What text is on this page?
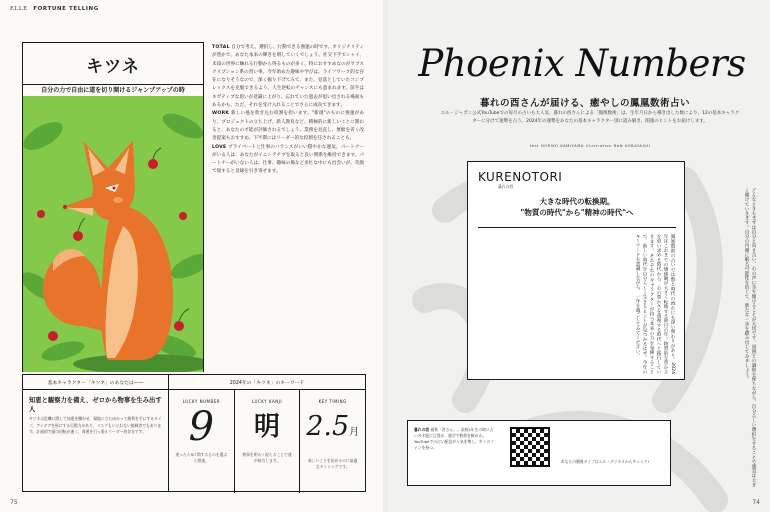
ELLE FORTUNE TELLING
キツネ
自分の力で自由に道を切り開けるジャンプアップの時

TOTAL 自分で考え、選択し、行動できる強運の時です。オリジナリティが豊かで、あなた本来の輝きを増していくでしょう。社交下手でシャイ、未知の世界に触れる行動から得るものが多く、特におすすめなのがサブスクリプション系の習い事。今年始めた趣味や学びは、ライフワーク的な存在になりそうなので、深く掘り下げてみて。また、見落としていたコンプレックスを克服できるよう、人生逆転のチャンスにも恵まれます。前半はネガティブな思いが意識に上がり、忘れていた過去が思い出される場面もあるかも。ただ、それを受け入れることでさらに成長できます。

WORK 新しい風を吹き込む役割を担います。"新規"のものに強運があり、プロジェクトの立ち上げ、新人教育など、積極的に新しいことに関わると、あなたの才能が評価されるでしょう。業務を見直し、無駄を省く改善提案もおすすめ。下半期にはリーダー的な役割を任されることも。

LOVE プライベートと仕事のバランスがいい穏やかな運気。パートナーがいる人は、あなたがイニシアチブを取ると良い関係を維持できます。パートナーがいない人は、仕事、趣味の場など多忙な中にも出会いが。笑顔で接すると良縁を引き寄せます。

基本キャラクター「キツネ」のあなたは——
知恵と観察力を備え、ゼロから物事を生み出す人
キツネは危機に際して知恵を働かせ、窮地に立ち向かって勝利を手にするタイプ。アイデアを形にする行動力があり、リスクもいとわない挑戦者でもあります。計画的で頭の回転が速く、周囲を引っ張るリーダー的存在です。
2024年の「キツネ」のキーワード
LUCKY NUMBER
9
迷ったら9に関するものを選ぶと開運。
LUCKY KANJI
明
物事を明るく捉えることで運が味方します。
KEY TIMING
2.5月
新しいことを始めるのに最適なタイミングです。
75
Phoenix Numbers
暮れの酉さんが届ける、癒やしの鳳凰数術占い
エル・ジャポン公式YouTubeでの毎月の占いも大人気、暮れの酉さんによる「鳳凰数術」は、生年月日から導き出した数により、12の基本キャラクターに分けて運勢を占う。2024年の運勢をあなたの基本キャラクター別に読み解き、開運のヒントをお届けします。
text NORIKO KAMIYAMA illustration RAN KOBAYASHI
KURENOTORI
暮れの酉
大きな時代の転換期。
"物質の時代"から"精神の時代"へ
鳳凰数術の占いでは数と時代の流れにも深い関わりがあり、2024年はこれまでの価値観が大きく転換する節目の年。物質的な豊かさを追い求める時代から、心の豊かさを重視する時代へと移行していきます。それぞれのキャラクターが持つ本来の力を発揮することで、新しい時代を自分らしく生きるヒントが見つかるはず。今年のキーワードを意識しながら、一年を過ごしてみてください。	どんなときもまずは自分と向き合い、心の声に耳を傾けることが大切です。周囲との調和を保ちながら、自分らしい選択をすることで運気は大きく開けていきます。自分の内側に眠る可能性を信じて、新たな一歩を踏み出してみましょう。
暮れの酉 通称「酉さん」。高校2年生の時に占いの才能に目覚め、独学で数術を極める。YouTubeでの占い配信が人気を博し、多くのファンを持つ。
あなたの鳳凰タイプはエル・デジタルからチェック!
74
